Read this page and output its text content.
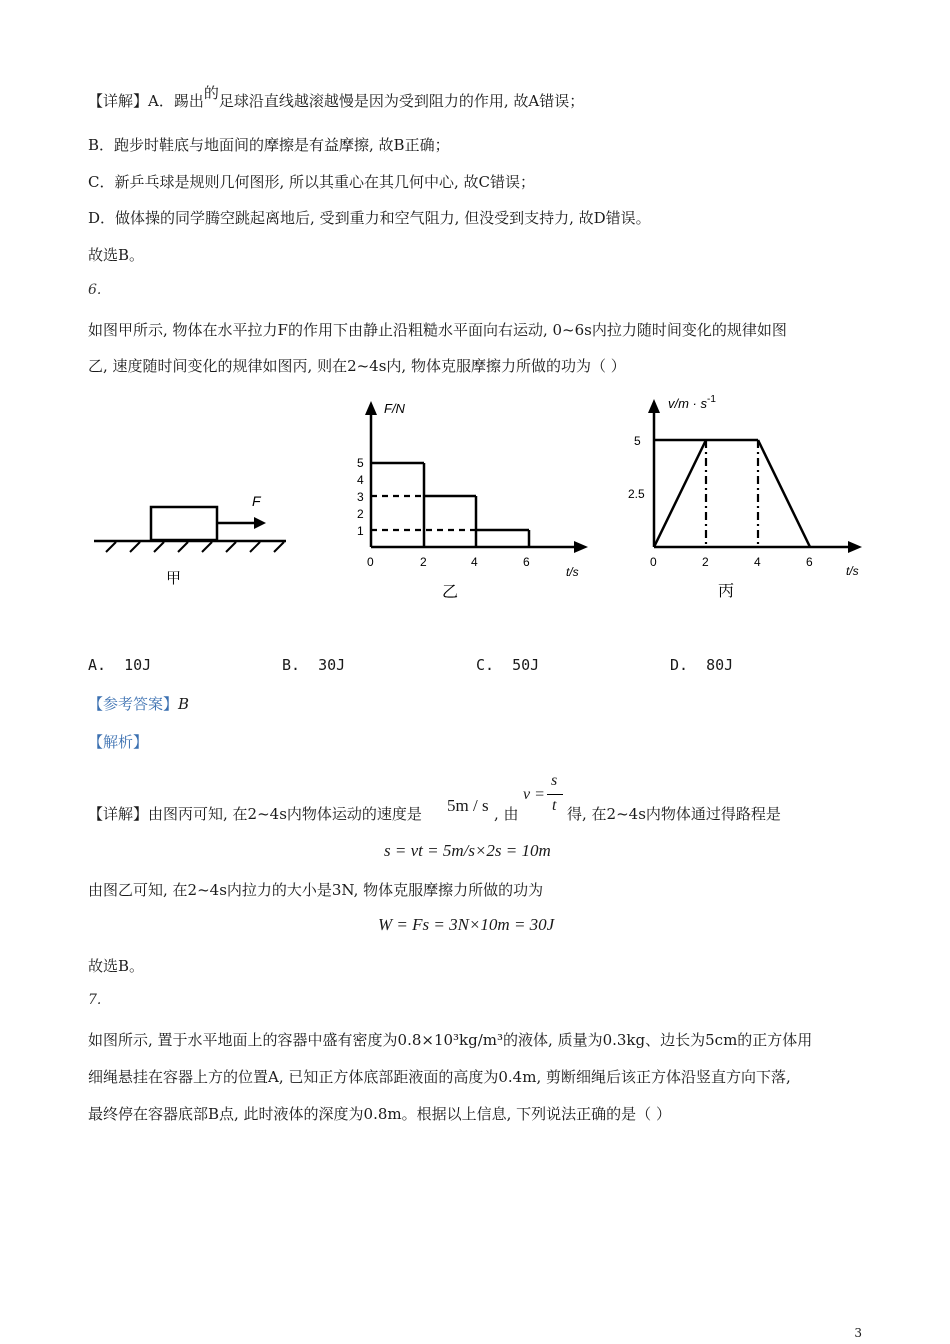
【详解】A．踢出的足球沿直线越滚越慢是因为受到阻力的作用, 故A错误；
B．跑步时鞋底与地面间的摩擦是有益摩擦, 故B正确；
C．新乒乓球是规则几何图形, 所以其重心在其几何中心, 故C错误；
D．做体操的同学腾空跳起离地后, 受到重力和空气阻力, 但没受到支持力, 故D错误。
故选B。
6.
如图甲所示, 物体在水平拉力F的作用下由静止沿粗糙水平面向右运动, 0~6s内拉力随时间变化的规律如图
乙, 速度随时间变化的规律如图丙, 则在2~4s内, 物体克服摩擦力所做的功为（ ）
F
甲
F/N
t/s
1
2
3
4
5
0	2	4	6
乙
$v/m \cdot s^{-1}$
t/s
5
2.5
0	2	4	6
丙
A. 10J	B. 30J	C. 50J	D. 80J
【参考答案】B
【解析】
【详解】由图丙可知, 在2~4s内物体运动的速度是 5m / s , 由
v =
s
t 得, 在2~4s内物体通过得路程是
s = vt = 5m/s×2s = 10m
由图乙可知, 在2~4s内拉力的大小是3N, 物体克服摩擦力所做的功为
W = Fs = 3N×10m = 30J
故选B。
7.
如图所示, 置于水平地面上的容器中盛有密度为0.8×10³kg/m³的液体, 质量为0.3kg、边长为5cm的正方体用
细绳悬挂在容器上方的位置A, 已知正方体底部距液面的高度为0.4m, 剪断细绳后该正方体沿竖直方向下落,
最终停在容器底部B点, 此时液体的深度为0.8m。根据以上信息, 下列说法正确的是（ ）
3
